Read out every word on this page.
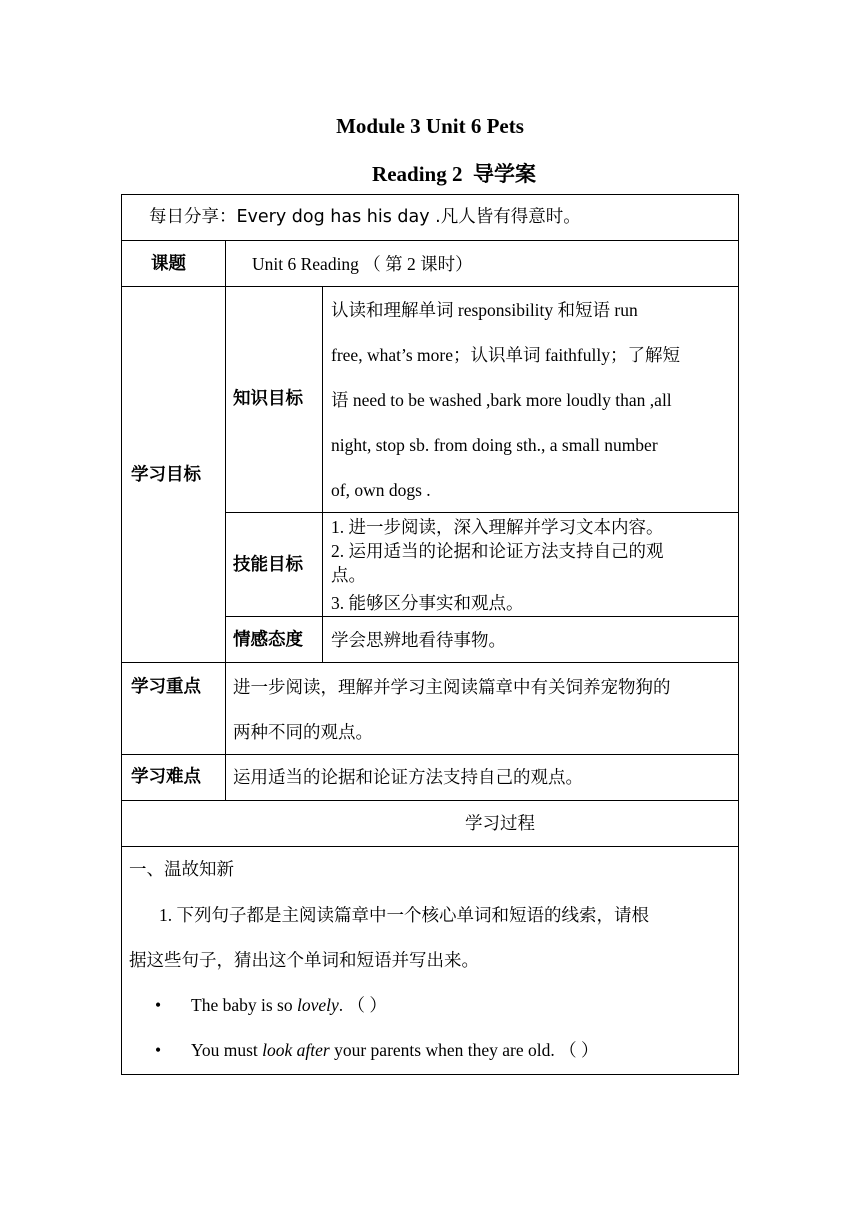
Module 3 Unit 6 Pets
Reading 2 导学案
每日分享：Every dog has his day .凡人皆有得意时。
课题	Unit 6 Reading （ 第 2 课时）
学习目标
知识目标
认读和理解单词 responsibility 和短语 run
free, what’s more；认识单词 faithfully；了解短
语 need to be washed ,bark more loudly than ,all
night, stop sb. from doing sth., a small number
of, own dogs .
技能目标
1. 进一步阅读，深入理解并学习文本内容。
2. 运用适当的论据和论证方法支持自己的观
点。
3. 能够区分事实和观点。
情感态度 学会思辨地看待事物。
学习重点 进一步阅读，理解并学习主阅读篇章中有关饲养宠物狗的
两种不同的观点。
学习难点 运用适当的论据和论证方法支持自己的观点。
学习过程
一、温故知新
1. 下列句子都是主阅读篇章中一个核心单词和短语的线索，请根
据这些句子，猜出这个单词和短语并写出来。
• The baby is so lovely. （ ）
• You must look after your parents when they are old. （ ）
